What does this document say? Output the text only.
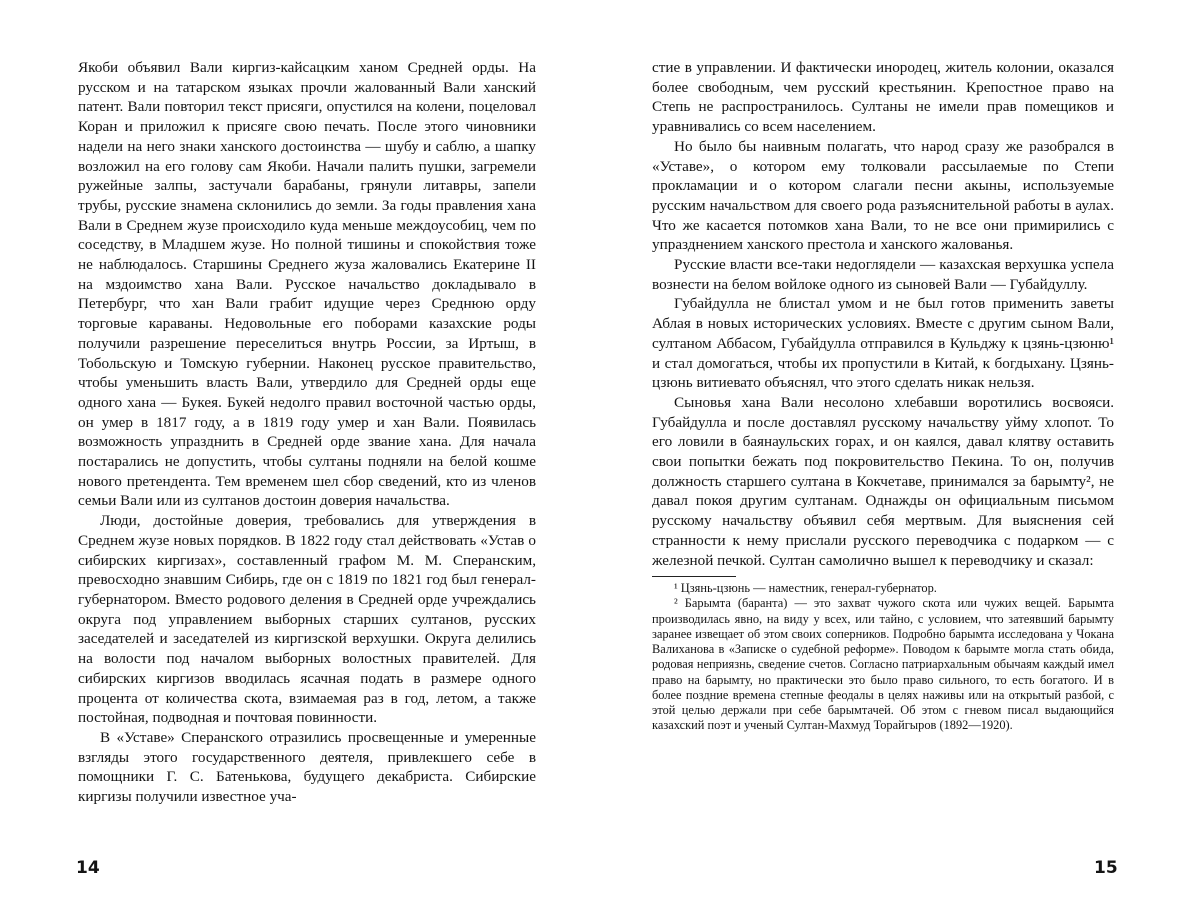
Якоби объявил Вали киргиз-кайсацким ханом Средней орды. На русском и на татарском языках прочли жалованный Вали ханский патент. Вали повторил текст присяги, опустился на колени, поцеловал Коран и приложил к присяге свою печать. После этого чиновники надели на него знаки ханского достоинства — шубу и саблю, а шапку возложил на его голову сам Якоби. Начали палить пушки, загремели ружейные залпы, застучали барабаны, грянули литавры, запели трубы, русские знамена склонились до земли. За годы правления хана Вали в Среднем жузе происходило куда меньше междоусобиц, чем по соседству, в Младшем жузе. Но полной тишины и спокойствия тоже не наблюдалось. Старшины Среднего жуза жаловались Екатерине II на мздоимство хана Вали. Русское начальство докладывало в Петербург, что хан Вали грабит идущие через Среднюю орду торговые караваны. Недовольные его поборами казахские роды получили разрешение переселиться внутрь России, за Иртыш, в Тобольскую и Томскую губернии. Наконец русское правительство, чтобы уменьшить власть Вали, утвердило для Средней орды еще одного хана — Букея. Букей недолго правил восточной частью орды, он умер в 1817 году, а в 1819 году умер и хан Вали. Появилась возможность упразднить в Средней орде звание хана. Для начала постарались не допустить, чтобы султаны подняли на белой кошме нового претендента. Тем временем шел сбор сведений, кто из членов семьи Вали или из султанов достоин доверия начальства.

Люди, достойные доверия, требовались для утверждения в Среднем жузе новых порядков. В 1822 году стал действовать «Устав о сибирских киргизах», составленный графом М. М. Сперанским, превосходно знавшим Сибирь, где он с 1819 по 1821 год был генерал-губернатором. Вместо родового деления в Средней орде учреждались округа под управлением выборных старших султанов, русских заседателей и заседателей из киргизской верхушки. Округа делились на волости под началом выборных волостных правителей. Для сибирских киргизов вводилась ясачная подать в размере одного процента от количества скота, взимаемая раз в год, летом, а также постойная, подводная и почтовая повинности.

В «Уставе» Сперанского отразились просвещенные и умеренные взгляды этого государственного деятеля, привлекшего себе в помощники Г. С. Батенькова, будущего декабриста. Сибирские киргизы получили известное уча-

14

стие в управлении. И фактически инородец, житель колонии, оказался более свободным, чем русский крестьянин. Крепостное право на Степь не распространилось. Султаны не имели прав помещиков и уравнивались со всем населением.

Но было бы наивным полагать, что народ сразу же разобрался в «Уставе», о котором ему толковали рассылаемые по Степи прокламации и о котором слагали песни акыны, используемые русским начальством для своего рода разъяснительной работы в аулах. Что же касается потомков хана Вали, то не все они примирились с упразднением ханского престола и ханского жалованья.

Русские власти все-таки недоглядели — казахская верхушка успела вознести на белом войлоке одного из сыновей Вали — Губайдуллу.

Губайдулла не блистал умом и не был готов применить заветы Аблая в новых исторических условиях. Вместе с другим сыном Вали, султаном Аббасом, Губайдулла отправился в Кульджу к цзянь-цзюню¹ и стал домогаться, чтобы их пропустили в Китай, к богдыхану. Цзянь-цзюнь витиевато объяснял, что этого сделать никак нельзя.

Сыновья хана Вали несолоно хлебавши воротились восвояси. Губайдулла и после доставлял русскому начальству уйму хлопот. То его ловили в баянаульских горах, и он каялся, давал клятву оставить свои попытки бежать под покровительство Пекина. То он, получив должность старшего султана в Кокчетаве, принимался за барымту², не давал покоя другим султанам. Однажды он официальным письмом русскому начальству объявил себя мертвым. Для выяснения сей странности к нему прислали русского переводчика с подарком — с железной печкой. Султан самолично вышел к переводчику и сказал:

¹ Цзянь-цзюнь — наместник, генерал-губернатор.

² Барымта (баранта) — это захват чужого скота или чужих вещей. Барымта производилась явно, на виду у всех, или тайно, с условием, что затеявший барымту заранее извещает об этом своих соперников. Подробно барымта исследована у Чокана Валиханова в «Записке о судебной реформе». Поводом к барымте могла стать обида, родовая неприязнь, сведение счетов. Согласно патриархальным обычаям каждый имел право на барымту, но практически это было право сильного, то есть богатого. И в более поздние времена степные феодалы в целях наживы или на открытый разбой, с этой целью держали при себе барымтачей. Об этом с гневом писал выдающийся казахский поэт и ученый Султан-Махмуд Торайгыров (1892—1920).

15
